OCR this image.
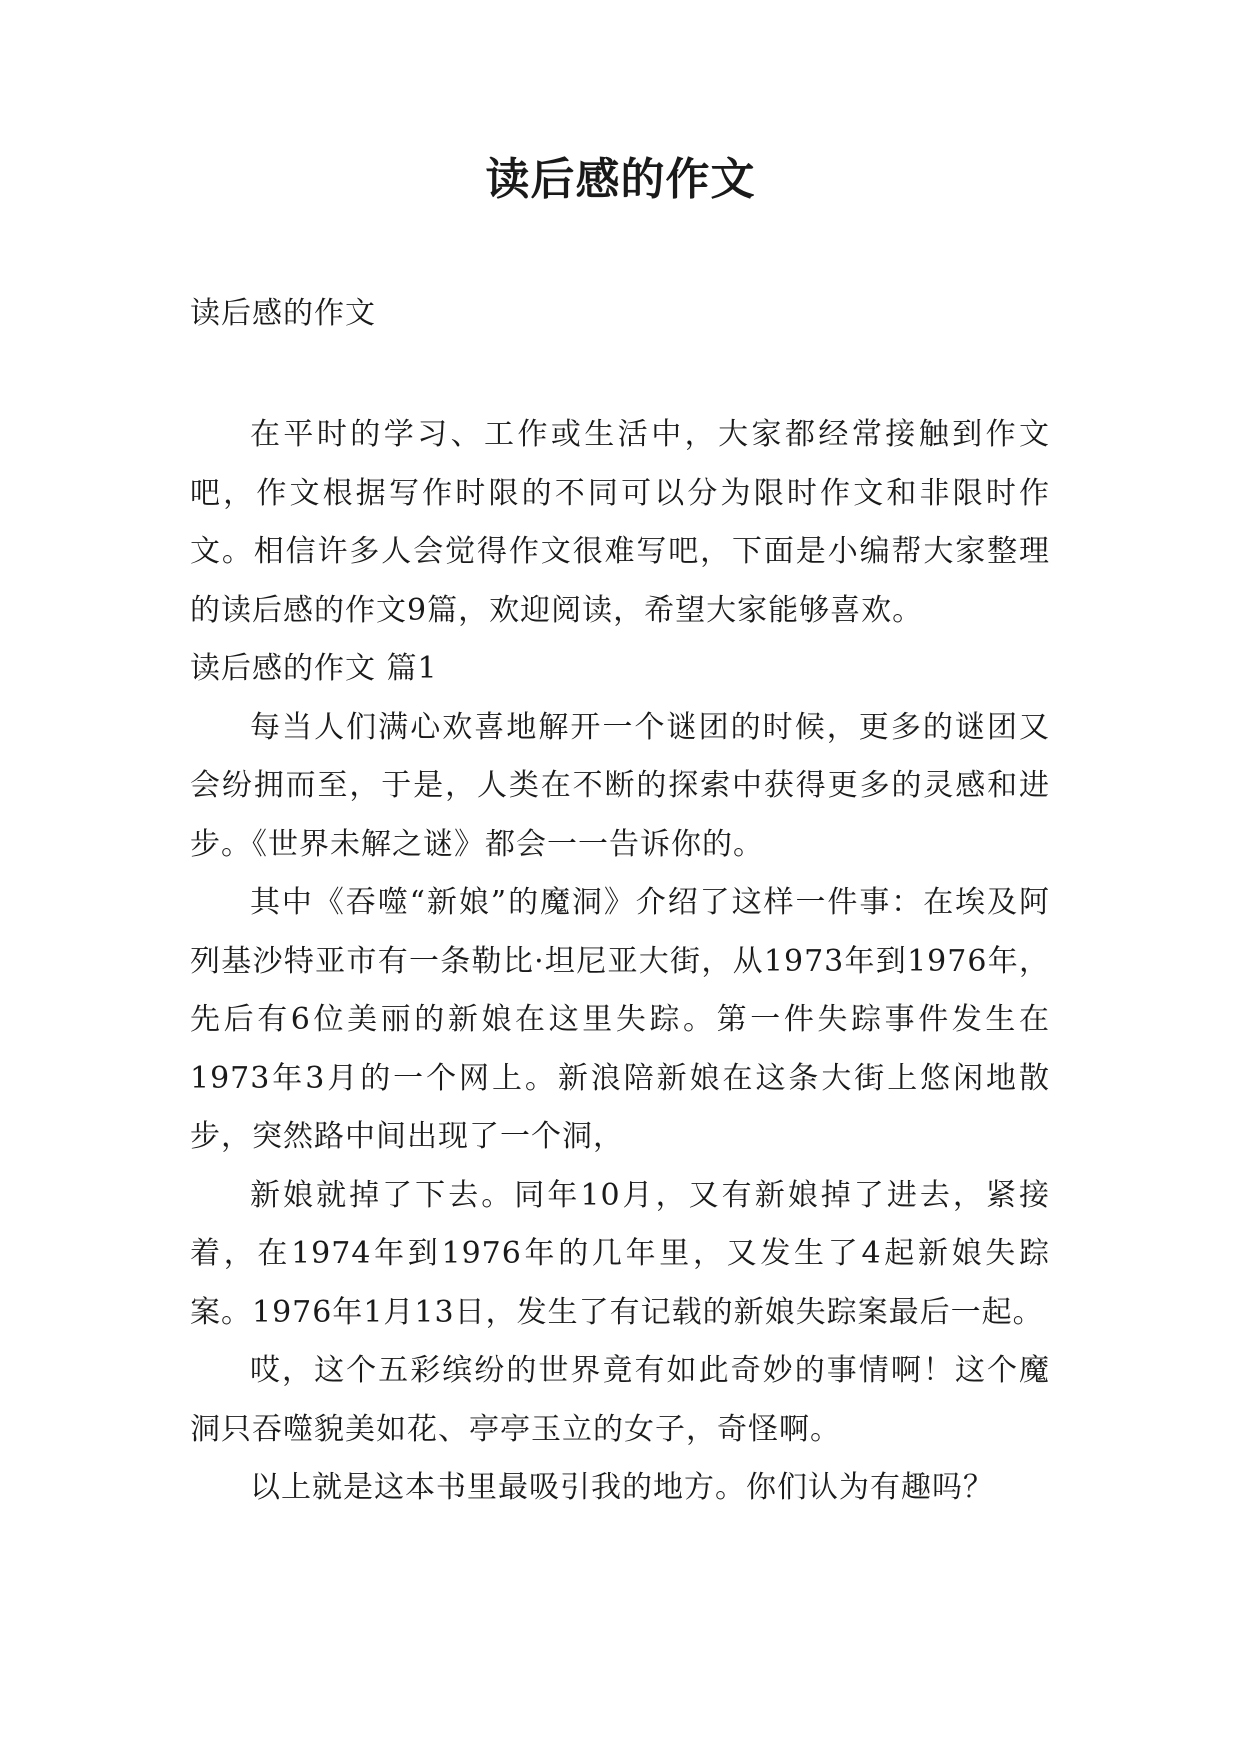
读后感的作文
读后感的作文

在平时的学习、工作或生活中，大家都经常接触到作文吧，作文根据写作时限的不同可以分为限时作文和非限时作文。相信许多人会觉得作文很难写吧，下面是小编帮大家整理的读后感的作文9篇，欢迎阅读，希望大家能够喜欢。

读后感的作文 篇1

每当人们满心欢喜地解开一个谜团的时候，更多的谜团又会纷拥而至，于是，人类在不断的探索中获得更多的灵感和进步。《世界未解之谜》都会一一告诉你的。

其中《吞噬“新娘”的魔洞》介绍了这样一件事：在埃及阿列基沙特亚市有一条勒比·坦尼亚大街，从1973年到1976年，先后有6位美丽的新娘在这里失踪。第一件失踪事件发生在1973年3月的一个网上。新浪陪新娘在这条大街上悠闲地散步，突然路中间出现了一个洞，

新娘就掉了下去。同年10月，又有新娘掉了进去，紧接着，在1974年到1976年的几年里，又发生了4起新娘失踪案。1976年1月13日，发生了有记载的新娘失踪案最后一起。

哎，这个五彩缤纷的世界竟有如此奇妙的事情啊！这个魔洞只吞噬貌美如花、亭亭玉立的女子，奇怪啊。

以上就是这本书里最吸引我的地方。你们认为有趣吗？
